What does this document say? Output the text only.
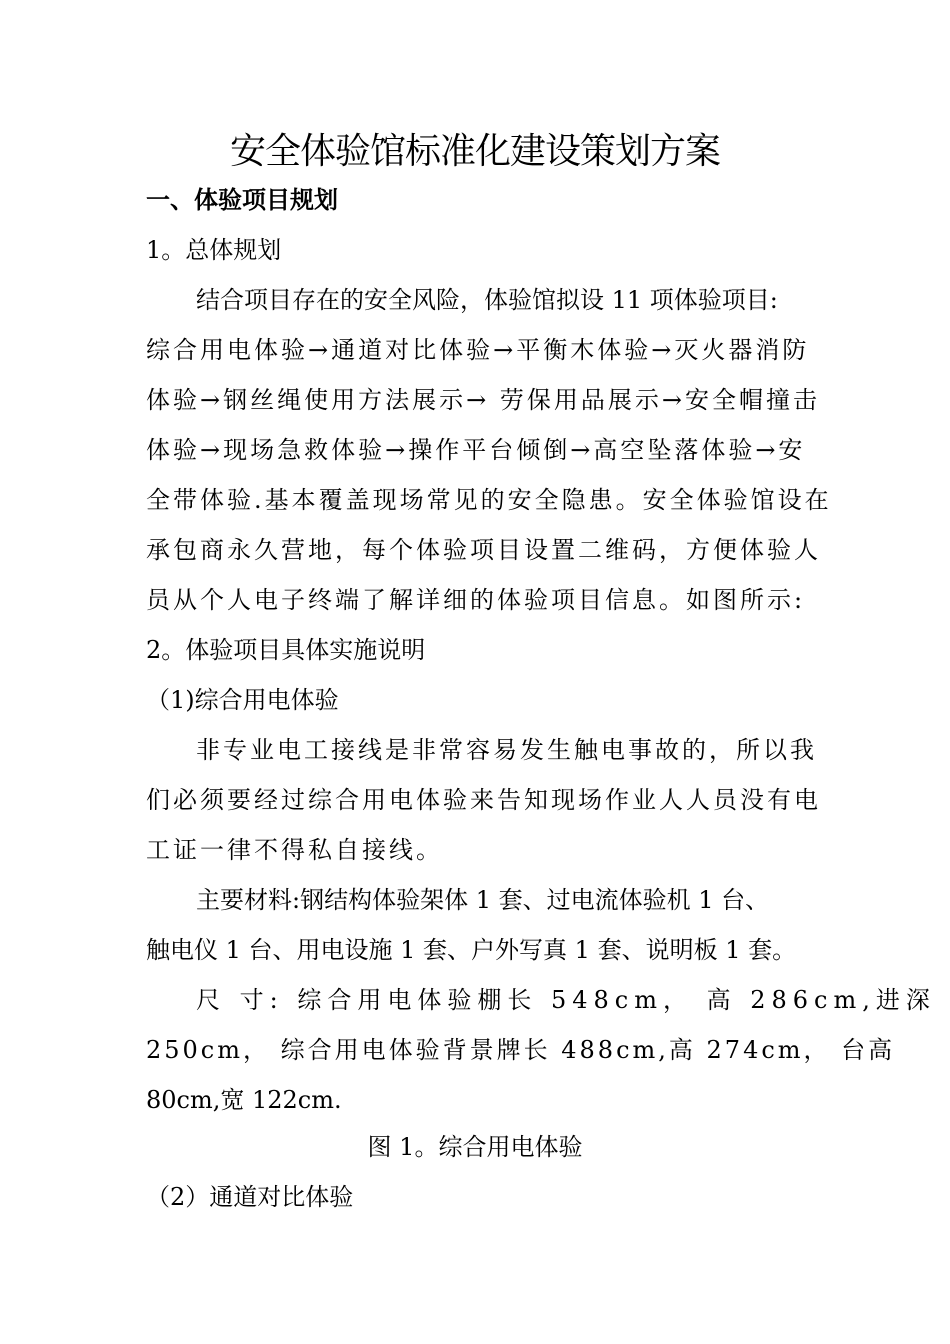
安全体验馆标准化建设策划方案
一、体验项目规划
1。总体规划
结合项目存在的安全风险，体验馆拟设 11 项体验项目:
综合用电体验→通道对比体验→平衡木体验→灭火器消防
体验→钢丝绳使用方法展示→ 劳保用品展示→安全帽撞击
体验→现场急救体验→操作平台倾倒→高空坠落体验→安
全带体验.基本覆盖现场常见的安全隐患。安全体验馆设在
承包商永久营地，每个体验项目设置二维码，方便体验人
员从个人电子终端了解详细的体验项目信息。如图所示:
2。体验项目具体实施说明
（1)综合用电体验
非专业电工接线是非常容易发生触电事故的，所以我
们必须要经过综合用电体验来告知现场作业人人员没有电
工证一律不得私自接线。
主要材料:钢结构体验架体 1 套、过电流体验机 1 台、
触电仪 1 台、用电设施 1 套、户外写真 1 套、说明板 1 套。
尺 寸: 综合用电体验棚长 548cm， 高 286cm,进深
250cm， 综合用电体验背景牌长 488cm,高 274cm， 台高
80cm,宽 122cm.
图 1。综合用电体验
（2）通道对比体验
